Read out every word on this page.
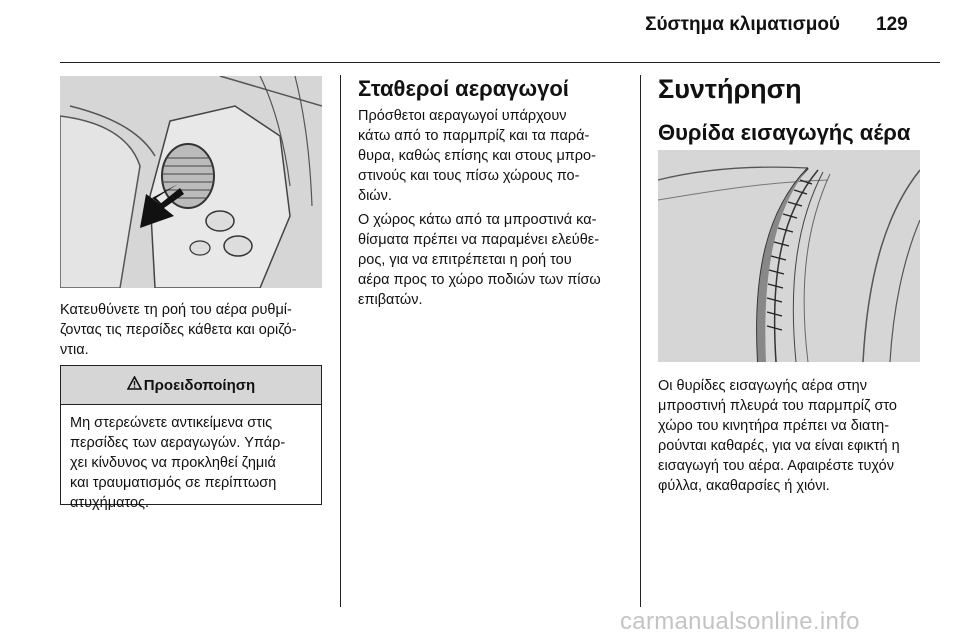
Σύστημα κλιματισμού 129
Κατευθύνετε τη ροή του αέρα ρυθμί-
ζοντας τις περσίδες κάθετα και οριζό-
ντια.
Προειδοποίηση
Μη στερεώνετε αντικείμενα στις
περσίδες των αεραγωγών. Υπάρ-
χει κίνδυνος να προκληθεί ζημιά
και τραυματισμός σε περίπτωση
ατυχήματος.
Σταθεροί αεραγωγοί
Πρόσθετοι αεραγωγοί υπάρχουν
κάτω από το παρμπρίζ και τα παρά-
θυρα, καθώς επίσης και στους μπρο-
στινούς και τους πίσω χώρους πο-
διών.
Ο χώρος κάτω από τα μπροστινά κα-
θίσματα πρέπει να παραμένει ελεύθε-
ρος, για να επιτρέπεται η ροή του
αέρα προς το χώρο ποδιών των πίσω
επιβατών.
Συντήρηση
Θυρίδα εισαγωγής αέρα
Οι θυρίδες εισαγωγής αέρα στην
μπροστινή πλευρά του παρμπρίζ στο
χώρο του κινητήρα πρέπει να διατη-
ρούνται καθαρές, για να είναι εφικτή η
εισαγωγή του αέρα. Αφαιρέστε τυχόν
φύλλα, ακαθαρσίες ή χιόνι.
carmanualsonline.info
